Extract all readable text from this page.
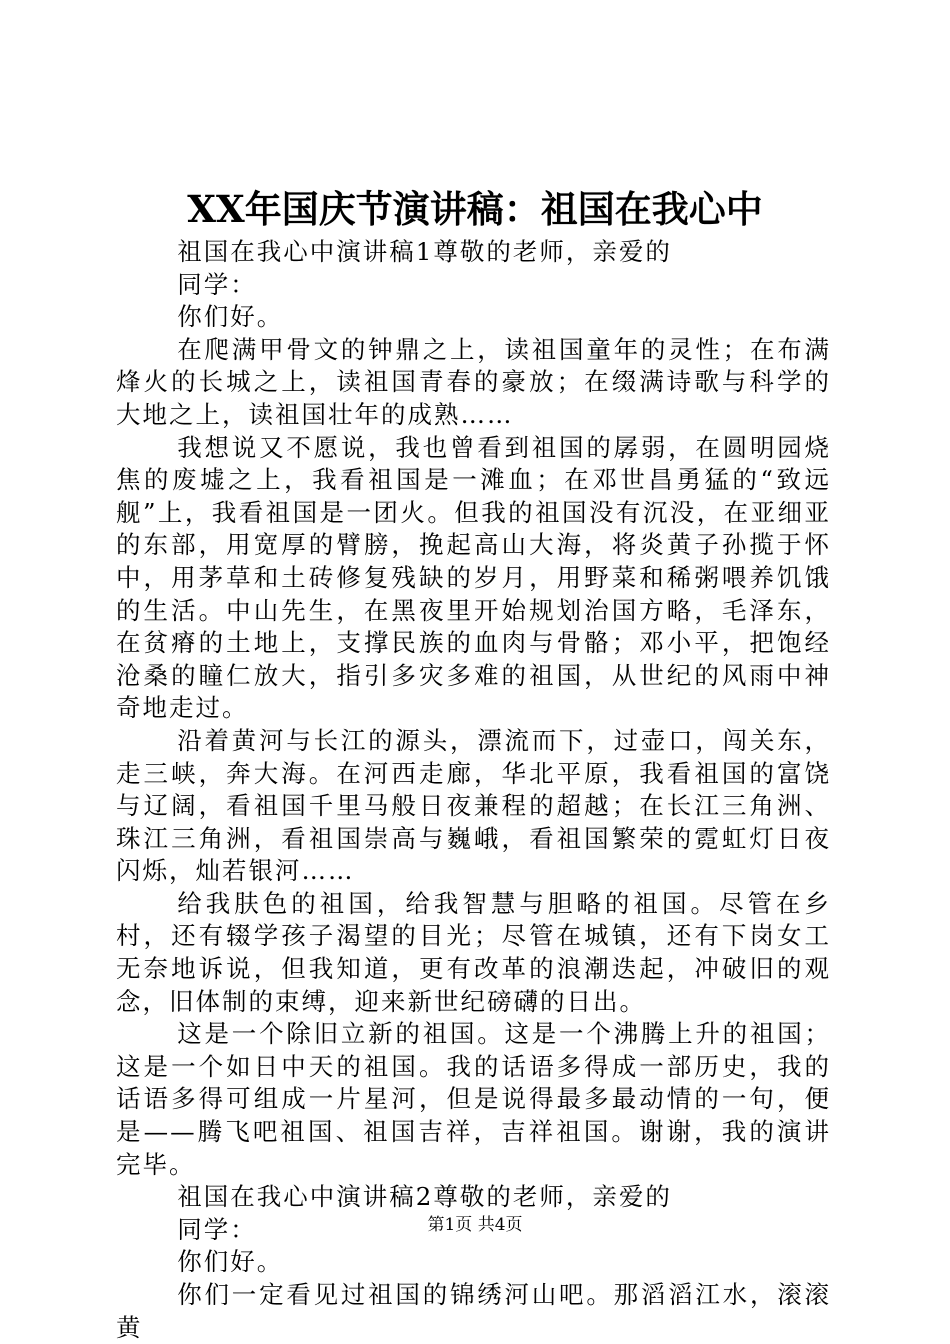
XX年国庆节演讲稿：祖国在我心中

祖国在我心中演讲稿1尊敬的老师，亲爱的

同学：

你们好。

在爬满甲骨文的钟鼎之上，读祖国童年的灵性；在布满烽火的长城之上，读祖国青春的豪放；在缀满诗歌与科学的大地之上，读祖国壮年的成熟……

我想说又不愿说，我也曾看到祖国的孱弱，在圆明园烧焦的废墟之上，我看祖国是一滩血；在邓世昌勇猛的“致远舰”上，我看祖国是一团火。但我的祖国没有沉没，在亚细亚的东部，用宽厚的臂膀，挽起高山大海，将炎黄子孙揽于怀中，用茅草和土砖修复残缺的岁月，用野菜和稀粥喂养饥饿的生活。中山先生，在黑夜里开始规划治国方略，毛泽东，在贫瘠的土地上，支撑民族的血肉与骨骼；邓小平，把饱经沧桑的瞳仁放大，指引多灾多难的祖国，从世纪的风雨中神奇地走过。

沿着黄河与长江的源头，漂流而下，过壶口，闯关东，走三峡，奔大海。在河西走廊，华北平原，我看祖国的富饶与辽阔，看祖国千里马般日夜兼程的超越；在长江三角洲、珠江三角洲，看祖国崇高与巍峨，看祖国繁荣的霓虹灯日夜闪烁，灿若银河……

给我肤色的祖国，给我智慧与胆略的祖国。尽管在乡村，还有辍学孩子渴望的目光；尽管在城镇，还有下岗女工无奈地诉说，但我知道，更有改革的浪潮迭起，冲破旧的观念，旧体制的束缚，迎来新世纪磅礴的日出。

这是一个除旧立新的祖国。这是一个沸腾上升的祖国；这是一个如日中天的祖国。我的话语多得成一部历史，我的话语多得可组成一片星河，但是说得最多最动情的一句，便是——腾飞吧祖国、祖国吉祥，吉祥祖国。谢谢，我的演讲完毕。

祖国在我心中演讲稿2尊敬的老师，亲爱的

同学：

你们好。

你们一定看见过祖国的锦绣河山吧。那滔滔江水，滚滚黄

第1页 共4页
